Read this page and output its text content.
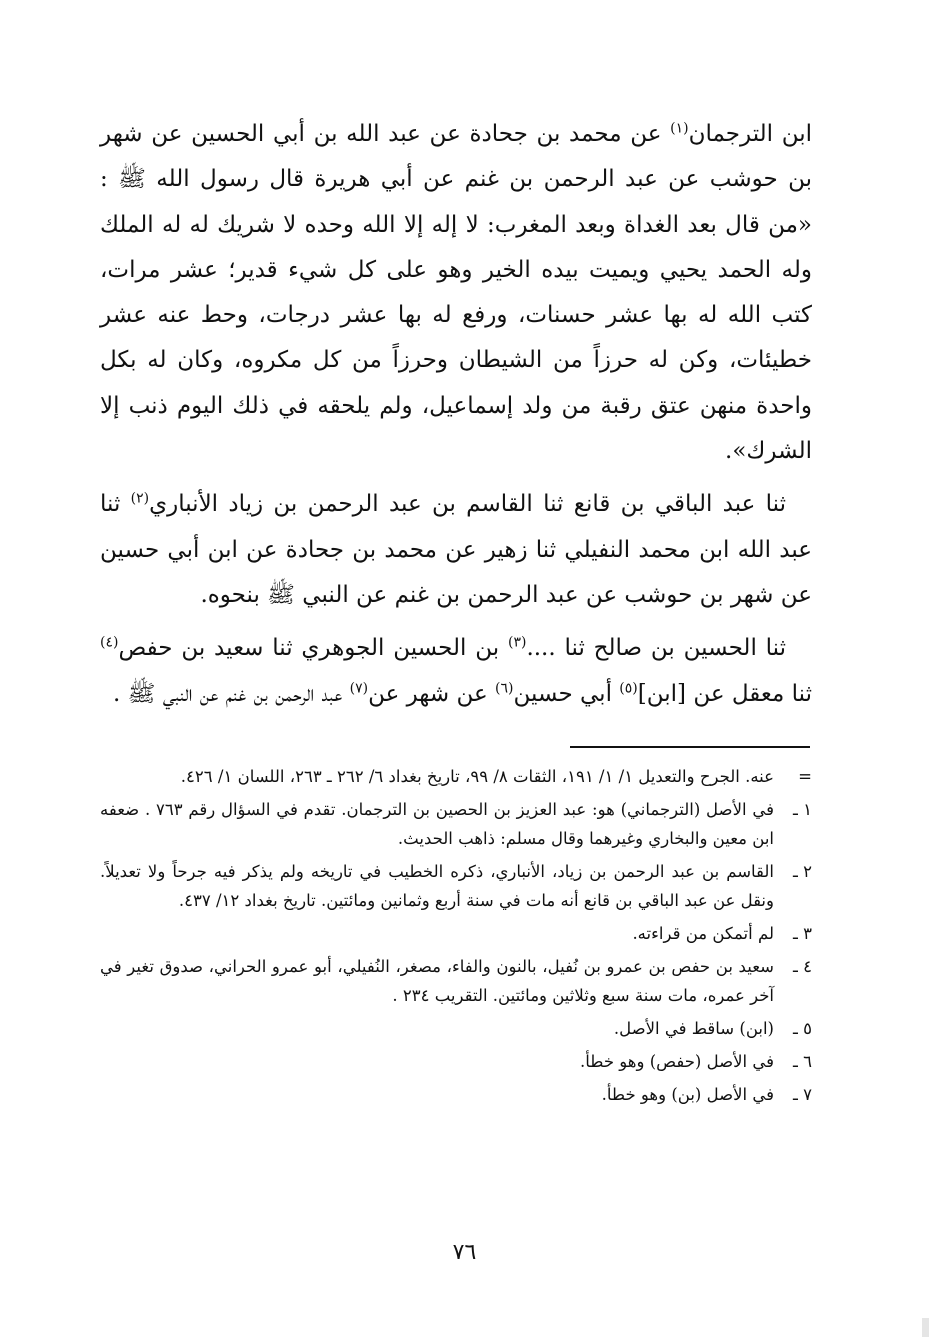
ابن الترجمان$^{(١)}$ عن محمد بن جحادة عن عبد الله بن أبي الحسين عن شهر بن حوشب عن عبد الرحمن بن غنم عن أبي هريرة قال رسول الله ﷺ : «من قال بعد الغداة وبعد المغرب: لا إله إلا الله وحده لا شريك له له الملك وله الحمد يحيي ويميت بيده الخير وهو على كل شيء قدير؛ عشر مرات، كتب الله له بها عشر حسنات، ورفع له بها عشر درجات، وحط عنه عشر خطيئات، وكن له حرزاً من الشيطان وحرزاً من كل مكروه، وكان له بكل واحدة منهن عتق رقبة من ولد إسماعيل، ولم يلحقه في ذلك اليوم ذنب إلا الشرك».

ثنا عبد الباقي بن قانع ثنا القاسم بن عبد الرحمن بن زياد الأنباري$^{(٢)}$ ثنا عبد الله ابن محمد النفيلي ثنا زهير عن محمد بن جحادة عن ابن أبي حسين عن شهر بن حوشب عن عبد الرحمن بن غنم عن النبي ﷺ بنحوه.

ثنا الحسين بن صالح ثنا ....$^{(٣)}$ بن الحسين الجوهري ثنا سعيد بن حفص$^{(٤)}$ ثنا معقل عن [ابن]$^{(٥)}$ أبي حسين$^{(٦)}$ عن شهر عن$^{(٧)}$ عبد الرحمن بن غنم عن النبي ﷺ .

=
عنه. الجرح والتعديل ١/ ١/ ١٩١، الثقات ٨/ ٩٩، تاريخ بغداد ٦/ ٢٦٢ ـ ٢٦٣، اللسان ١/ ٤٢٦.
١ ـ
في الأصل (الترجماني) هو: عبد العزيز بن الحصين بن الترجمان. تقدم في السؤال رقم ٧٦٣ . ضعفه ابن معين والبخاري وغيرهما وقال مسلم: ذاهب الحديث.
٢ ـ
القاسم بن عبد الرحمن بن زياد، الأنباري، ذكره الخطيب في تاريخه ولم يذكر فيه جرحاً ولا تعديلاً. ونقل عن عبد الباقي بن قانع أنه مات في سنة أربع وثمانين ومائتين. تاريخ بغداد ١٢/ ٤٣٧.
٣ ـ
لم أتمكن من قراءته.
٤ ـ
سعيد بن حفص بن عمرو بن نُفيل، بالنون والفاء، مصغر، النُفيلي، أبو عمرو الحراني، صدوق تغير في آخر عمره، مات سنة سبع وثلاثين ومائتين. التقريب ٢٣٤ .
٥ ـ
(ابن) ساقط في الأصل.
٦ ـ
في الأصل (حفص) وهو خطأ.
٧ ـ
في الأصل (بن) وهو خطأ.
٧٦
